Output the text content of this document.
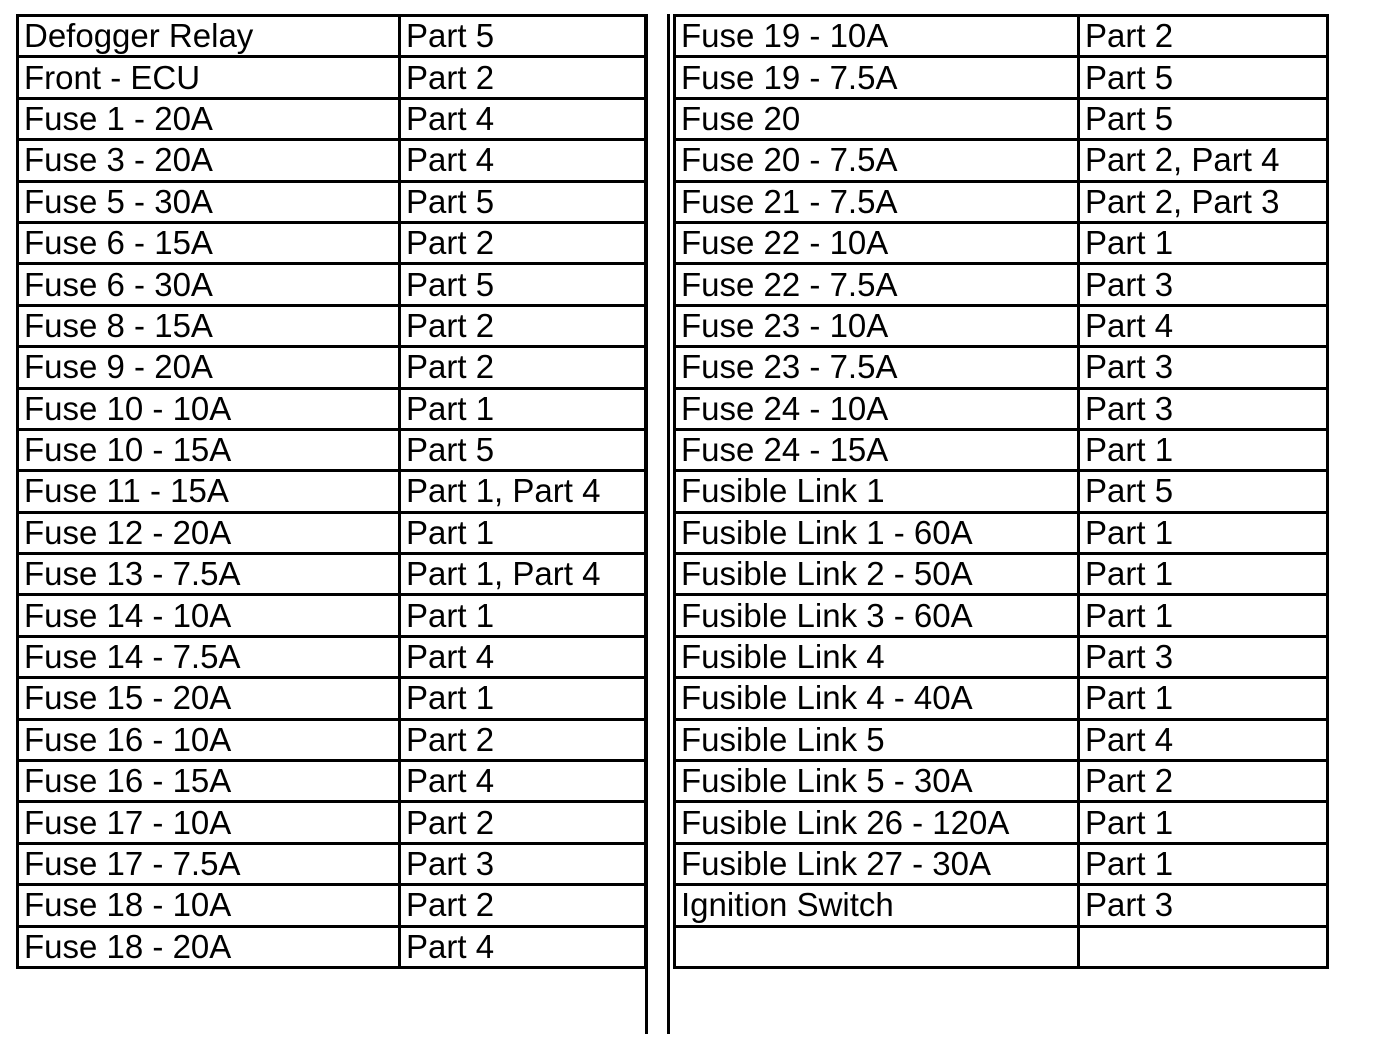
Defogger Relay	Part 5
Front - ECU	Part 2
Fuse 1 - 20A	Part 4
Fuse 3 - 20A	Part 4
Fuse 5 - 30A	Part 5
Fuse 6 - 15A	Part 2
Fuse 6 - 30A	Part 5
Fuse 8 - 15A	Part 2
Fuse 9 - 20A	Part 2
Fuse 10 - 10A	Part 1
Fuse 10 - 15A	Part 5
Fuse 11 - 15A	Part 1, Part 4
Fuse 12 - 20A	Part 1
Fuse 13 - 7.5A	Part 1, Part 4
Fuse 14 - 10A	Part 1
Fuse 14 - 7.5A	Part 4
Fuse 15 - 20A	Part 1
Fuse 16 - 10A	Part 2
Fuse 16 - 15A	Part 4
Fuse 17 - 10A	Part 2
Fuse 17 - 7.5A	Part 3
Fuse 18 - 10A	Part 2
Fuse 18 - 20A	Part 4
Fuse 19 - 10A	Part 2
Fuse 19 - 7.5A	Part 5
Fuse 20	Part 5
Fuse 20 - 7.5A	Part 2, Part 4
Fuse 21 - 7.5A	Part 2, Part 3
Fuse 22 - 10A	Part 1
Fuse 22 - 7.5A	Part 3
Fuse 23 - 10A	Part 4
Fuse 23 - 7.5A	Part 3
Fuse 24 - 10A	Part 3
Fuse 24 - 15A	Part 1
Fusible Link 1	Part 5
Fusible Link 1 - 60A	Part 1
Fusible Link 2 - 50A	Part 1
Fusible Link 3 - 60A	Part 1
Fusible Link 4	Part 3
Fusible Link 4 - 40A	Part 1
Fusible Link 5	Part 4
Fusible Link 5 - 30A	Part 2
Fusible Link 26 - 120A	Part 1
Fusible Link 27 - 30A	Part 1
Ignition Switch	Part 3
